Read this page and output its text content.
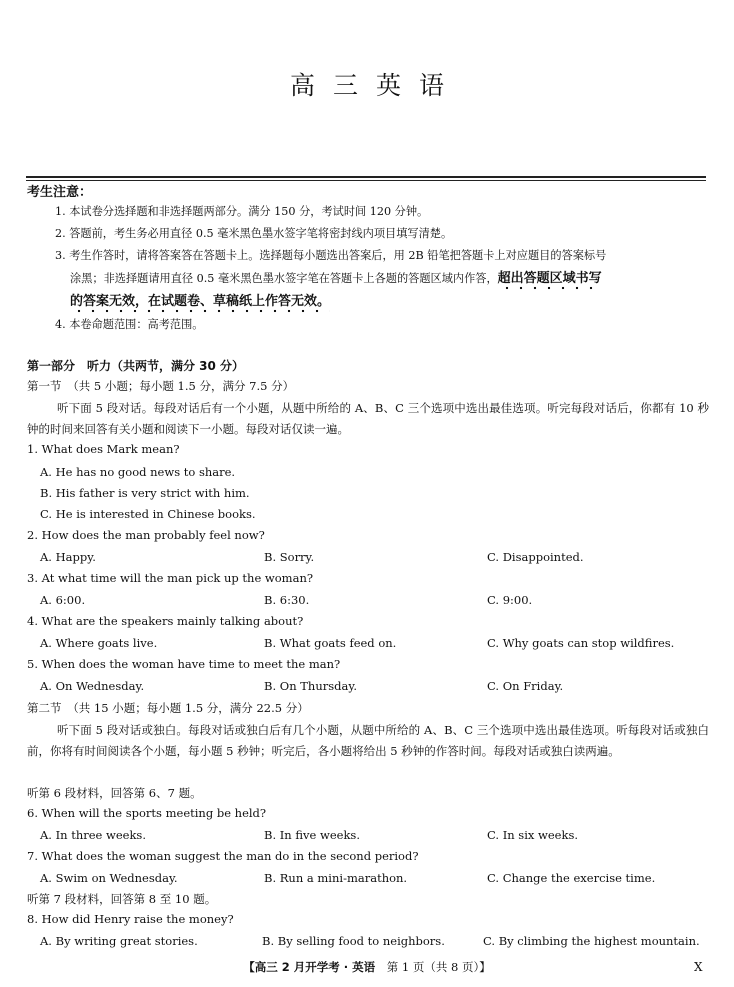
高三英语
考生注意：
1. 本试卷分选择题和非选择题两部分。满分 150 分，考试时间 120 分钟。
2. 答题前，考生务必用直径 0.5 毫米黑色墨水签字笔将密封线内项目填写清楚。
3. 考生作答时，请将答案答在答题卡上。选择题每小题选出答案后，用 2B 铅笔把答题卡上对应题目的答案标号
涂黑；非选择题请用直径 0.5 毫米黑色墨水签字笔在答题卡上各题的答题区域内作答，超出答题区域书写
的答案无效，在试题卷、草稿纸上作答无效。
4. 本卷命题范围：高考范围。
第一部分　听力（共两节，满分 30 分）
第一节　（共 5 小题；每小题 1.5 分，满分 7.5 分）
听下面 5 段对话。每段对话后有一个小题，从题中所给的 A、B、C 三个选项中选出最佳选项。听完每段对话后，你都有 10 秒钟的时间来回答有关小题和阅读下一小题。每段对话仅读一遍。
1. What does Mark mean?
A. He has no good news to share.
B. His father is very strict with him.
C. He is interested in Chinese books.
2. How does the man probably feel now?
A. Happy.	B. Sorry.	C. Disappointed.
3. At what time will the man pick up the woman?
A. 6:00.	B. 6:30.	C. 9:00.
4. What are the speakers mainly talking about?
A. Where goats live.	B. What goats feed on.	C. Why goats can stop wildfires.
5. When does the woman have time to meet the man?
A. On Wednesday.	B. On Thursday.	C. On Friday.
第二节　（共 15 小题；每小题 1.5 分，满分 22.5 分）
听下面 5 段对话或独白。每段对话或独白后有几个小题，从题中所给的 A、B、C 三个选项中选出最佳选项。听每段对话或独白前，你将有时间阅读各个小题，每小题 5 秒钟；听完后，各小题将给出 5 秒钟的作答时间。每段对话或独白读两遍。
听第 6 段材料，回答第 6、7 题。
6. When will the sports meeting be held?
A. In three weeks.	B. In five weeks.	C. In six weeks.
7. What does the woman suggest the man do in the second period?
A. Swim on Wednesday.	B. Run a mini-marathon.	C. Change the exercise time.
听第 7 段材料，回答第 8 至 10 题。
8. How did Henry raise the money?
A. By writing great stories.	B. By selling food to neighbors.	C. By climbing the highest mountain.
【高三 2 月开学考 · 英语　 第 1 页（共 8 页）】	X
